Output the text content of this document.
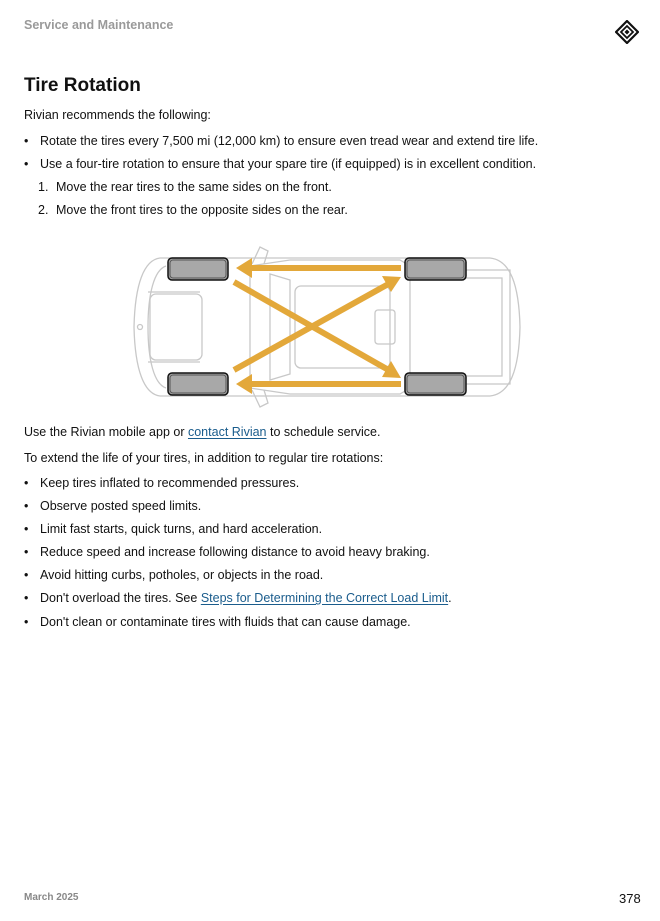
Service and Maintenance
Tire Rotation
Rivian recommends the following:
• Rotate the tires every 7,500 mi (12,000 km) to ensure even tread wear and extend tire life.
• Use a four-tire rotation to ensure that your spare tire (if equipped) is in excellent condition.
1. Move the rear tires to the same sides on the front.
2. Move the front tires to the opposite sides on the rear.
Use the Rivian mobile app or contact Rivian to schedule service.
To extend the life of your tires, in addition to regular tire rotations:
• Keep tires inflated to recommended pressures.
• Observe posted speed limits.
• Limit fast starts, quick turns, and hard acceleration.
• Reduce speed and increase following distance to avoid heavy braking.
• Avoid hitting curbs, potholes, or objects in the road.
• Don't overload the tires. See Steps for Determining the Correct Load Limit.
• Don't clean or contaminate tires with fluids that can cause damage.
March 2025	378
